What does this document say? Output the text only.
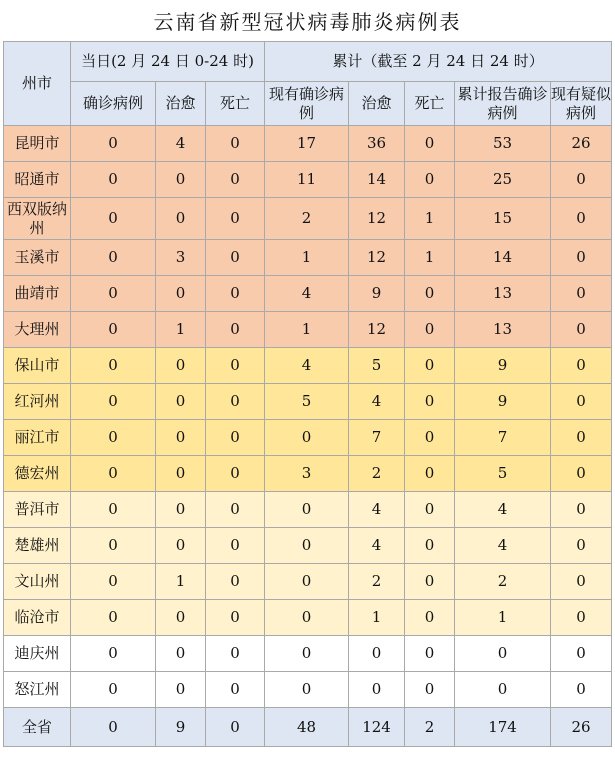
云南省新型冠状病毒肺炎病例表
州市	当日(2 月 24 日 0-24 时)			累计（截至 2 月 24 日 24 时）				
	确诊病例	治愈	死亡	现有确诊病例	治愈	死亡	累计报告确诊病例	现有疑似病例
昆明市	0	4	0	17	36	0	53	26
昭通市	0	0	0	11	14	0	25	0
西双版纳州	0	0	0	2	12	1	15	0
玉溪市	0	3	0	1	12	1	14	0
曲靖市	0	0	0	4	9	0	13	0
大理州	0	1	0	1	12	0	13	0
保山市	0	0	0	4	5	0	9	0
红河州	0	0	0	5	4	0	9	0
丽江市	0	0	0	0	7	0	7	0
德宏州	0	0	0	3	2	0	5	0
普洱市	0	0	0	0	4	0	4	0
楚雄州	0	0	0	0	4	0	4	0
文山州	0	1	0	0	2	0	2	0
临沧市	0	0	0	0	1	0	1	0
迪庆州	0	0	0	0	0	0	0	0
怒江州	0	0	0	0	0	0	0	0
全省	0	9	0	48	124	2	174	26
